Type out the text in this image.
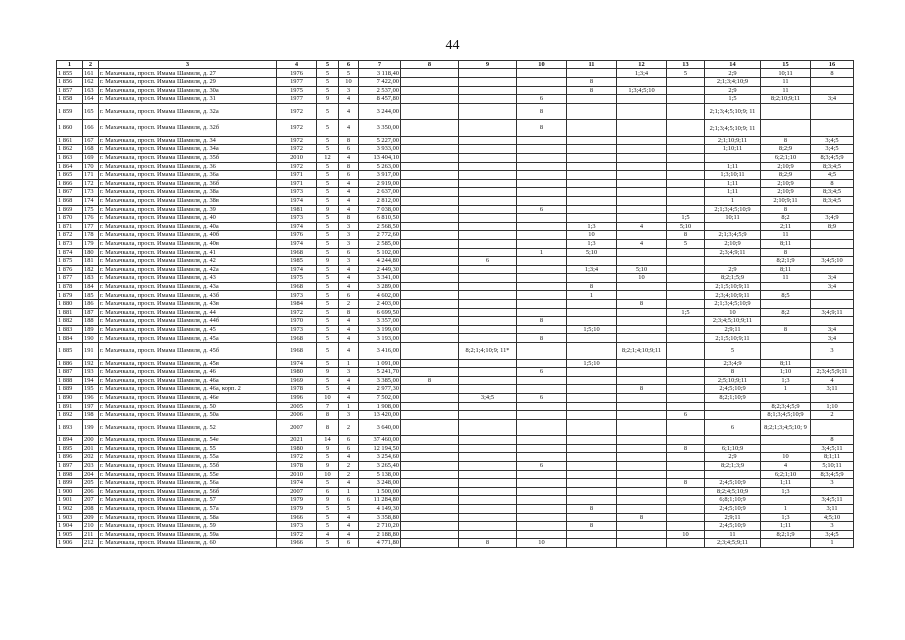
44
1	2	3	4	5	6	7	8	9	10	11	12	13	14	15	16	
1 855	161	г. Махачкала, просп. Имама Шамиля, д. 27	1976	5	5	3 118,40					1;3;4	5	2;9	10;11	8	
1 856	162	г. Махачкала, просп. Имама Шамиля, д. 29	1977	5	10	7 422,00				8			2;1;3;4;10;9	11		
1 857	163	г. Махачкала, просп. Имама Шамиля, д. 30а	1975	5	3	2 537,00				8	1;3;4;5;10		2;9	11		
1 858	164	г. Махачкала, просп. Имама Шамиля, д. 31	1977	9	4	8 457,80			6				1;5	8;2;10;9;11	3;4	
1 859	165	г. Махачкала, просп. Имама Шамиля, д. 32а	1972	5	4	3 244,00			8				2;1;3;4;5;10;9; 11			
1 860	166	г. Махачкала, просп. Имама Шамиля, д. 32б	1972	5	4	3 350,00			8				2;1;3;4;5;10;9; 11			
1 861	167	г. Махачкала, просп. Имама Шамиля, д. 34	1972	5	8	5 227,00							2;1;10;9;11	8	3;4;5	
1 862	168	г. Махачкала, просп. Имама Шамиля, д. 34а	1972	5	6	3 933,00							1;10;11	8;2;9	3;4;5	
1 863	169	г. Махачкала, просп. Имама Шамиля, д. 35б	2010	12	4	13 404,10								6;2;1;10	8;3;4;5;9	
1 864	170	г. Махачкала, просп. Имама Шамиля, д. 36	1972	5	8	5 263,00							1;11	2;10;9	8;3;4;5	
1 865	171	г. Махачкала, просп. Имама Шамиля, д. 36а	1971	5	6	3 917,00							1;3;10;11	8;2;9	4;5	
1 866	172	г. Махачкала, просп. Имама Шамиля, д. 36б	1971	5	4	2 919,00							1;11	2;10;9	8	
1 867	173	г. Махачкала, просп. Имама Шамиля, д. 38а	1973	5	4	2 637,00							1;11	2;10;9	8;3;4;5	
1 868	174	г. Махачкала, просп. Имама Шамиля, д. 38в	1974	5	4	2 812,00							1	2;10;9;11	8;3;4;5	
1 869	175	г. Махачкала, просп. Имама Шамиля, д. 39	1981	9	4	7 038,00			6				2;1;3;4;5;10;9	8		
1 870	176	г. Махачкала, просп. Имама Шамиля, д. 40	1973	5	8	6 810,50						1;5	10;11	8;2	3;4;9	
1 871	177	г. Махачкала, просп. Имама Шамиля, д. 40а	1974	5	3	2 568,50				1;3	4	5;10		2;11	8;9	
1 872	178	г. Махачкала, просп. Имама Шамиля, д. 40б	1976	5	3	2 772,60				10		8	2;1;3;4;5;9	11		
1 873	179	г. Махачкала, просп. Имама Шамиля, д. 40в	1974	5	3	2 585,00				1;3	4	5	2;10;9	8;11		
1 874	180	г. Махачкала, просп. Имама Шамиля, д. 41	1968	5	6	5 102,00			1	5;10			2;3;4;9;11	8		
1 875	181	г. Махачкала, просп. Имама Шамиля, д. 42	1985	9	3	4 244,80		6						8;2;1;9	3;4;5;10	
1 876	182	г. Махачкала, просп. Имама Шамиля, д. 42а	1974	5	4	2 449,30				1;3;4	5;10		2;9	8;11		
1 877	183	г. Махачкала, просп. Имама Шамиля, д. 43	1975	5	4	3 341,00					10		8;2;1;5;9	11	3;4	
1 878	184	г. Махачкала, просп. Имама Шамиля, д. 43а	1968	5	4	3 289,00				8			2;1;5;10;9;11		3;4	
1 879	185	г. Махачкала, просп. Имама Шамиля, д. 43б	1973	5	6	4 602,00				1			2;3;4;10;9;11	8;5		
1 880	186	г. Махачкала, просп. Имама Шамиля, д. 43в	1984	5	2	2 403,00					8		2;1;3;4;5;10;9			
1 881	187	г. Махачкала, просп. Имама Шамиля, д. 44	1972	5	8	6 699,50						1;5	10	8;2	3;4;9;11	
1 882	188	г. Махачкала, просп. Имама Шамиля, д. 44б	1970	5	4	3 357,00			8				2;3;4;5;10;9;11			
1 883	189	г. Махачкала, просп. Имама Шамиля, д. 45	1973	5	4	3 199,00				1;5;10			2;9;11	8	3;4	
1 884	190	г. Махачкала, просп. Имама Шамиля, д. 45а	1968	5	4	3 193,00			8				2;1;5;10;9;11		3;4	
1 885	191	г. Махачкала, просп. Имама Шамиля, д. 45б	1968	5	4	3 416,00		8;2;1;4;10;9; 11*			8;2;1;4;10;9;11		5		3	
1 886	192	г. Махачкала, просп. Имама Шамиля, д. 45в	1974	5	1	1 091,00				1;5;10			2;3;4;9	8;11		
1 887	193	г. Махачкала, просп. Имама Шамиля, д. 46	1980	9	3	5 241,70			6				8	1;10	2;3;4;5;9;11	
1 888	194	г. Махачкала, просп. Имама Шамиля, д. 46а	1969	5	4	3 385,00	8						2;5;10;9;11	1;3	4	
1 889	195	г. Махачкала, просп. Имама Шамиля, д. 46а, корп. 2	1978	5	4	2 977,30					8		2;4;5;10;9	1	3;11	
1 890	196	г. Махачкала, просп. Имама Шамиля, д. 46е	1996	10	4	7 502,00		3;4;5	6				8;2;1;10;9			
1 891	197	г. Махачкала, просп. Имама Шамиля, д. 50	2005	7	1	1 908,00								8;2;3;4;5;9	1;10	
1 892	198	г. Махачкала, просп. Имама Шамиля, д. 50а	2006	8	3	13 420,00						6		8;1;3;4;5;10;9	2	
1 893	199	г. Махачкала, просп. Имама Шамиля, д. 52	2007	8	2	3 640,00							6	8;2;1;3;4;5;10; 9		
1 894	200	г. Махачкала, просп. Имама Шамиля, д. 54е	2021	14	6	37 460,00									8	
1 895	201	г. Махачкала, просп. Имама Шамиля, д. 55	1980	9	6	12 194,50						8	6;1;10;9		3;4;5;11	
1 896	202	г. Махачкала, просп. Имама Шамиля, д. 55а	1972	5	4	3 254,60							2;9	10	8;1;11	
1 897	203	г. Махачкала, просп. Имама Шамиля, д. 55б	1978	9	2	3 265,40			6				8;2;1;3;9	4	5;10;11	
1 898	204	г. Махачкала, просп. Имама Шамиля, д. 55е	2010	10	2	5 138,00								6;2;1;10	8;3;4;5;9	
1 899	205	г. Махачкала, просп. Имама Шамиля, д. 56а	1974	5	4	3 248,00						8	2;4;5;10;9	1;11	3	
1 900	206	г. Махачкала, просп. Имама Шамиля, д. 56б	2007	6	1	1 500,00							8;2;4;5;10;9	1;3		
1 901	207	г. Махачкала, просп. Имама Шамиля, д. 57	1979	9	6	11 284,80							6;8;1;10;9		3;4;5;11	
1 902	208	г. Махачкала, просп. Имама Шамиля, д. 57а	1979	5	5	4 149,30				8			2;4;5;10;9	1	3;11	
1 903	209	г. Махачкала, просп. Имама Шамиля, д. 58а	1966	5	4	3 358,80					8		2;9;11	1;3	4;5;10	
1 904	210	г. Махачкала, просп. Имама Шамиля, д. 59	1973	5	4	2 710,20				8			2;4;5;10;9	1;11	3	
1 905	211	г. Махачкала, просп. Имама Шамиля, д. 59а	1972	4	4	2 188,80						10	11	8;2;1;9	3;4;5	
1 906	212	г. Махачкала, просп. Имама Шамиля, д. 60	1966	5	6	4 771,80		8	10				2;3;4;5;9;11		1	
